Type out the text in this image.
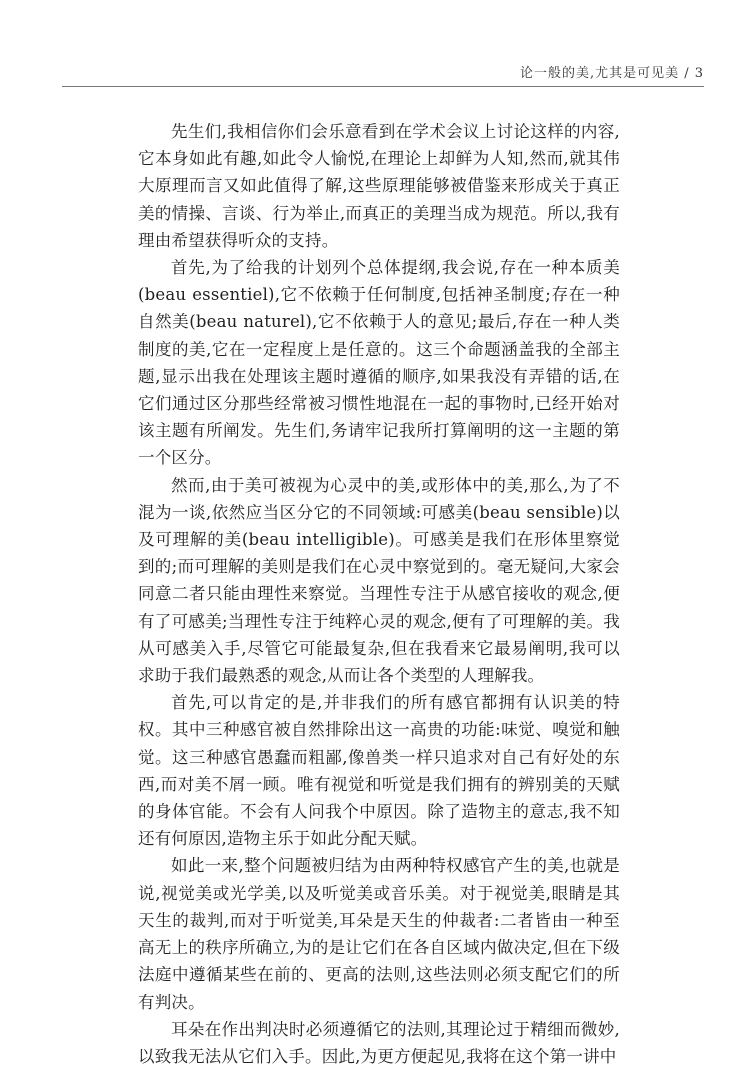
论一般的美,尤其是可见美 / 3

先生们,我相信你们会乐意看到在学术会议上讨论这样的内容,它本身如此有趣,如此令人愉悦,在理论上却鲜为人知,然而,就其伟大原理而言又如此值得了解,这些原理能够被借鉴来形成关于真正美的情操、言谈、行为举止,而真正的美理当成为规范。所以,我有理由希望获得听众的支持。

首先,为了给我的计划列个总体提纲,我会说,存在一种本质美(beau essentiel),它不依赖于任何制度,包括神圣制度;存在一种自然美(beau naturel),它不依赖于人的意见;最后,存在一种人类制度的美,它在一定程度上是任意的。这三个命题涵盖我的全部主题,显示出我在处理该主题时遵循的顺序,如果我没有弄错的话,在它们通过区分那些经常被习惯性地混在一起的事物时,已经开始对该主题有所阐发。先生们,务请牢记我所打算阐明的这一主题的第一个区分。

然而,由于美可被视为心灵中的美,或形体中的美,那么,为了不混为一谈,依然应当区分它的不同领域:可感美(beau sensible)以及可理解的美(beau intelligible)。可感美是我们在形体里察觉到的;而可理解的美则是我们在心灵中察觉到的。毫无疑问,大家会同意二者只能由理性来察觉。当理性专注于从感官接收的观念,便有了可感美;当理性专注于纯粹心灵的观念,便有了可理解的美。我从可感美入手,尽管它可能最复杂,但在我看来它最易阐明,我可以求助于我们最熟悉的观念,从而让各个类型的人理解我。

首先,可以肯定的是,并非我们的所有感官都拥有认识美的特权。其中三种感官被自然排除出这一高贵的功能:味觉、嗅觉和触觉。这三种感官愚蠢而粗鄙,像兽类一样只追求对自己有好处的东西,而对美不屑一顾。唯有视觉和听觉是我们拥有的辨别美的天赋的身体官能。不会有人问我个中原因。除了造物主的意志,我不知还有何原因,造物主乐于如此分配天赋。

如此一来,整个问题被归结为由两种特权感官产生的美,也就是说,视觉美或光学美,以及听觉美或音乐美。对于视觉美,眼睛是其天生的裁判,而对于听觉美,耳朵是天生的仲裁者:二者皆由一种至高无上的秩序所确立,为的是让它们在各自区域内做决定,但在下级法庭中遵循某些在前的、更高的法则,这些法则必须支配它们的所有判决。

耳朵在作出判决时必须遵循它的法则,其理论过于精细而微妙,以致我无法从它们入手。因此,为更方便起见,我将在这个第一讲中
